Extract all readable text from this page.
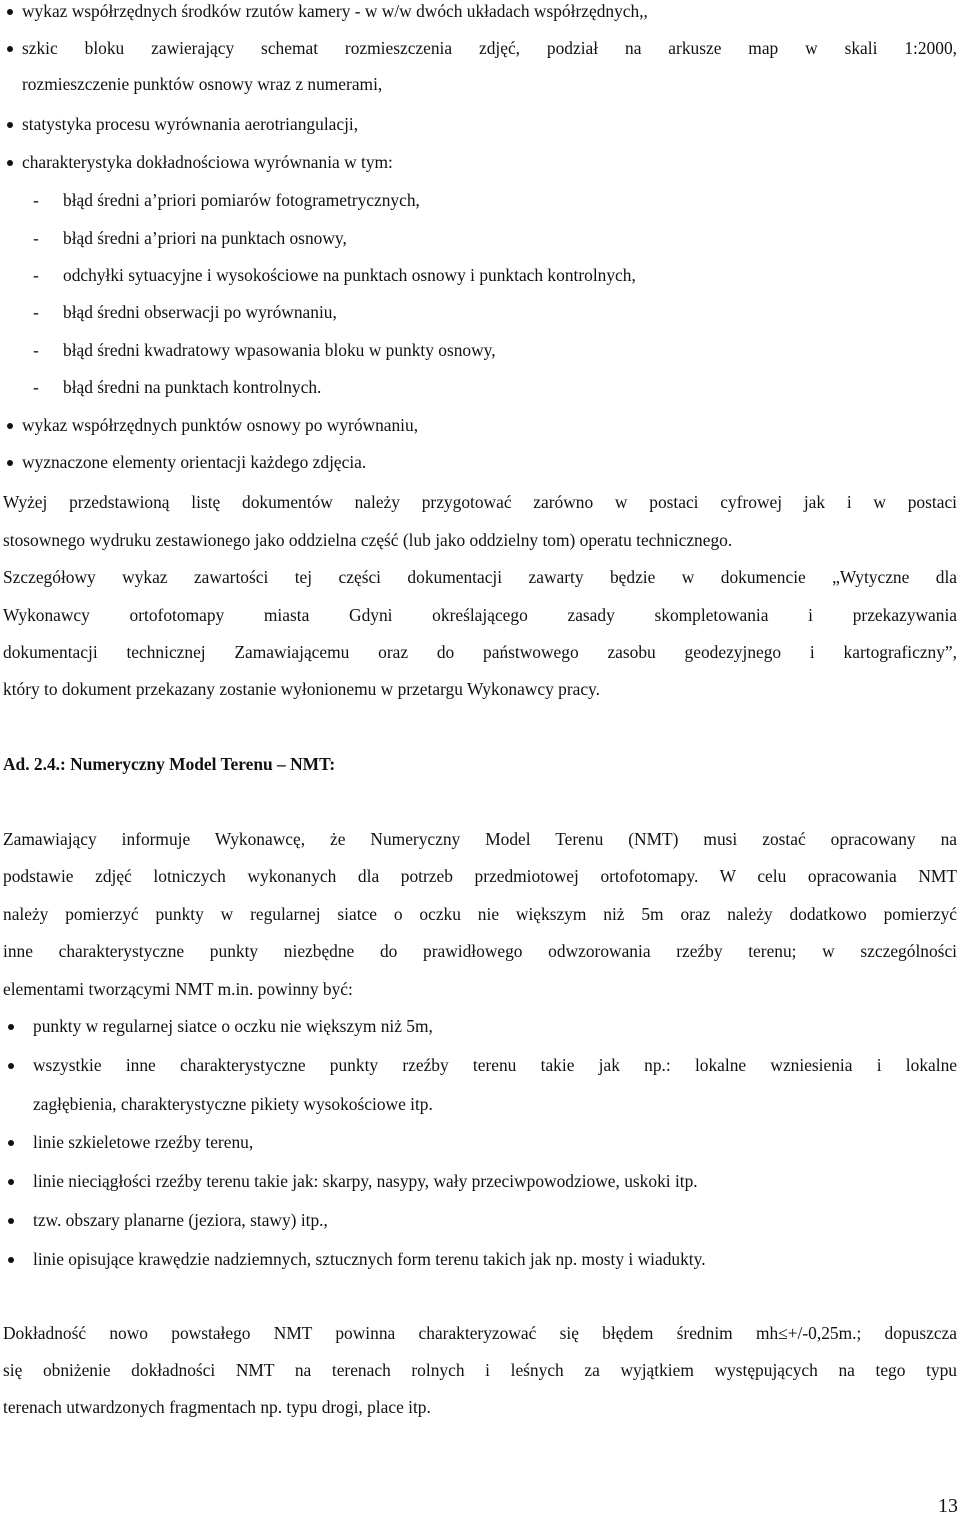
wykaz współrzędnych środków rzutów kamery - w w/w dwóch układach współrzędnych,,
szkic bloku zawierający schemat rozmieszczenia zdjęć, podział na arkusze map w skali 1:2000,
rozmieszczenie punktów osnowy wraz z numerami,
statystyka procesu wyrównania aerotriangulacji,
charakterystyka dokładnościowa wyrównania w tym:
- błąd średni a’priori pomiarów fotogrametrycznych,
- błąd średni a’priori na punktach osnowy,
- odchyłki sytuacyjne i wysokościowe na punktach osnowy i punktach kontrolnych,
- błąd średni obserwacji po wyrównaniu,
- błąd średni kwadratowy wpasowania bloku w punkty osnowy,
- błąd średni na punktach kontrolnych.
wykaz współrzędnych punktów osnowy po wyrównaniu,
wyznaczone elementy orientacji każdego zdjęcia.
Wyżej przedstawioną listę dokumentów należy przygotować zarówno w postaci cyfrowej jak i w postaci
stosownego wydruku zestawionego jako oddzielna część (lub jako oddzielny tom) operatu technicznego.
Szczegółowy wykaz zawartości tej części dokumentacji zawarty będzie w dokumencie „Wytyczne dla
Wykonawcy ortofotomapy miasta Gdyni określającego zasady skompletowania i przekazywania
dokumentacji technicznej Zamawiającemu oraz do państwowego zasobu geodezyjnego i kartograficzny”,
który to dokument przekazany zostanie wyłonionemu w przetargu Wykonawcy pracy.
Ad. 2.4.: Numeryczny Model Terenu – NMT:
Zamawiający informuje Wykonawcę, że Numeryczny Model Terenu (NMT) musi zostać opracowany na
podstawie zdjęć lotniczych wykonanych dla potrzeb przedmiotowej ortofotomapy. W celu opracowania NMT
należy pomierzyć punkty w regularnej siatce o oczku nie większym niż 5m oraz należy dodatkowo pomierzyć
inne charakterystyczne punkty niezbędne do prawidłowego odwzorowania rzeźby terenu; w szczególności
elementami tworzącymi NMT m.in. powinny być:
punkty w regularnej siatce o oczku nie większym niż 5m,
wszystkie inne charakterystyczne punkty rzeźby terenu takie jak np.: lokalne wzniesienia i lokalne
zagłębienia, charakterystyczne pikiety wysokościowe itp.
linie szkieletowe rzeźby terenu,
linie nieciągłości rzeźby terenu takie jak: skarpy, nasypy, wały przeciwpowodziowe, uskoki itp.
tzw. obszary planarne (jeziora, stawy) itp.,
linie opisujące krawędzie nadziemnych, sztucznych form terenu takich jak np. mosty i wiadukty.
Dokładność nowo powstałego NMT powinna charakteryzować się błędem średnim mh≤+/-0,25m.; dopuszcza
się obniżenie dokładności NMT na terenach rolnych i leśnych za wyjątkiem występujących na tego typu
terenach utwardzonych fragmentach np. typu drogi, place itp.
13
